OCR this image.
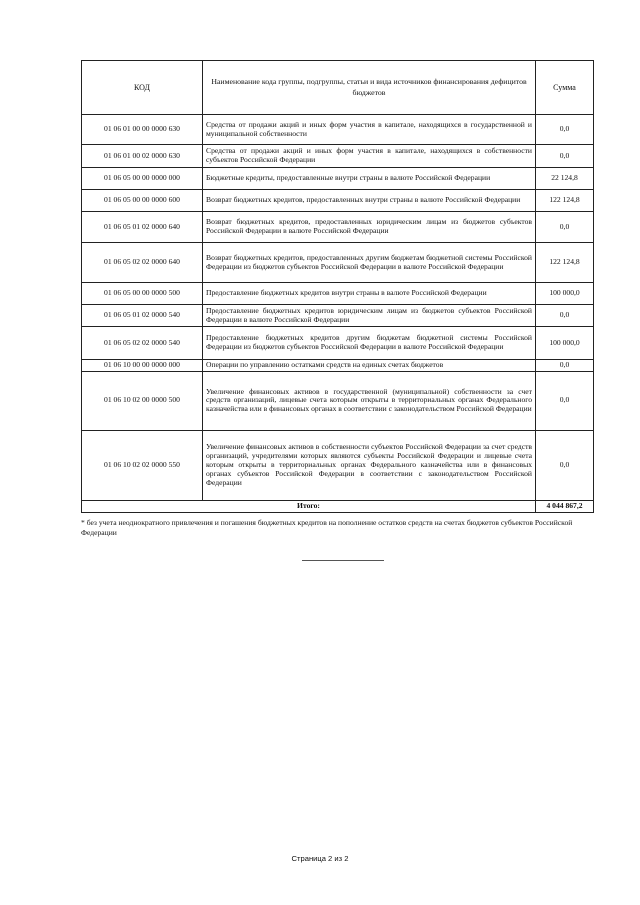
КОД	Наименование кода группы, подгруппы, статьи и вида источников финансирования дефицитов бюджетов	Сумма
01 06 01 00 00 0000 630	Средства от продажи акций и иных форм участия в капитале, находящихся в государственной и муниципальной собственности	0,0
01 06 01 00 02 0000 630	Средства от продажи акций и иных форм участия в капитале, находящихся в собственности субъектов Российской Федерации	0,0
01 06 05 00 00 0000 000	Бюджетные кредиты, предоставленные внутри страны в валюте Российской Федерации	22 124,8
01 06 05 00 00 0000 600	Возврат бюджетных кредитов, предоставленных внутри страны в валюте Российской Федерации	122 124,8
01 06 05 01 02 0000 640	Возврат бюджетных кредитов, предоставленных юридическим лицам из бюджетов субъектов Российской Федерации в валюте Российской Федерации	0,0
01 06 05 02 02 0000 640	Возврат бюджетных кредитов, предоставленных другим бюджетам бюджетной системы Российской Федерации из бюджетов субъектов Российской Федерации в валюте Российской Федерации	122 124,8
01 06 05 00 00 0000 500	Предоставление бюджетных кредитов внутри страны в валюте Российской Федерации	100 000,0
01 06 05 01 02 0000 540	Предоставление бюджетных кредитов юридическим лицам из бюджетов субъектов Российской Федерации в валюте Российской Федерации	0,0
01 06 05 02 02 0000 540	Предоставление бюджетных кредитов другим бюджетам бюджетной системы Российской Федерации из бюджетов субъектов Российской Федерации в валюте Российской Федерации	100 000,0
01 06 10 00 00 0000 000	Операции по управлению остатками средств на единых счетах бюджетов	0,0
01 06 10 02 00 0000 500	Увеличение финансовых активов в государственной (муниципальной) собственности за счет средств организаций, лицевые счета которым открыты в территориальных органах Федерального казначейства или в финансовых органах в соответствии с законодательством Российской Федерации	0,0
01 06 10 02 02 0000 550	Увеличение финансовых активов в собственности субъектов Российской Федерации за счет средств организаций, учредителями которых являются субъекты Российской Федерации и лицевые счета которым открыты в территориальных органах Федерального казначейства или в финансовых органах субъектов Российской Федерации в соответствии с законодательством Российской Федерации	0,0
Итого:		4 044 867,2
* без учета неоднократного привлечения и погашения бюджетных кредитов на пополнение остатков средств на счетах бюджетов субъектов Российской Федерации
Страница 2 из 2
